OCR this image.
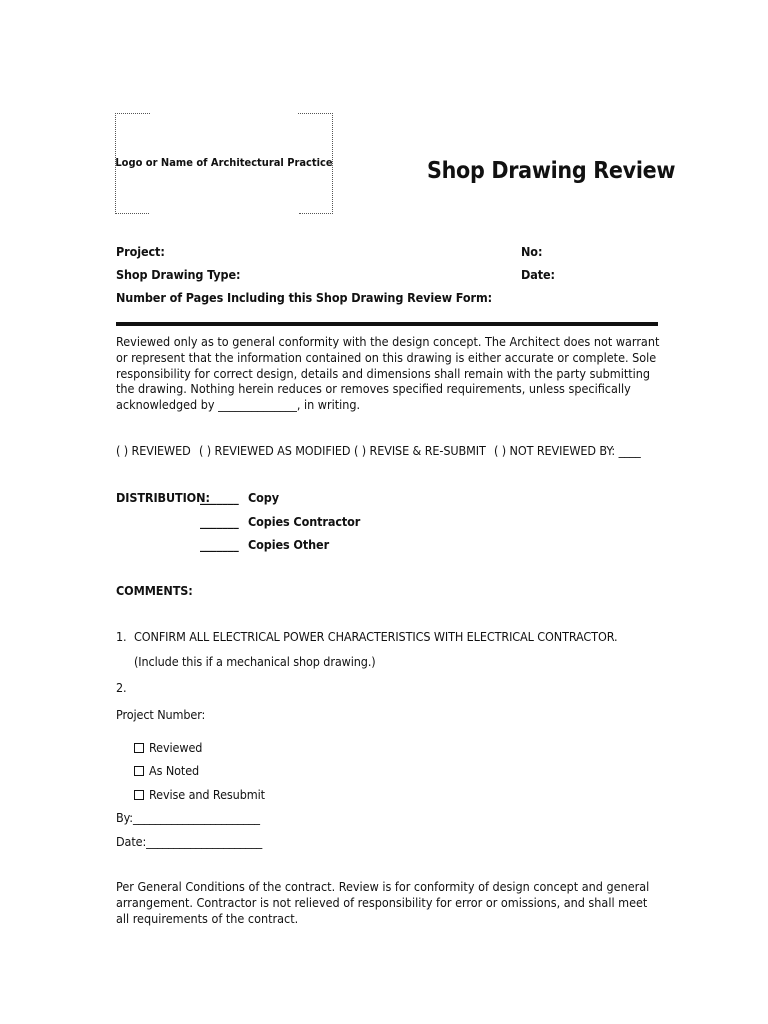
Logo or Name of Architectural Practice	Shop Drawing Review
Project:	No:
Shop Drawing Type:	Date:
Number of Pages Including this Shop Drawing Review Form:
Reviewed only as to general conformity with the design concept. The Architect does not warrant or represent that the information contained on this drawing is either accurate or complete. Sole responsibility for correct design, details and dimensions shall remain with the party submitting the drawing. Nothing herein reduces or removes specified requirements, unless specifically acknowledged by ______________, in writing.
( ) REVIEWED ( ) REVIEWED AS MODIFIED ( ) REVISE & RE-SUBMIT ( ) NOT REVIEWED BY: ____
DISTRIBUTION:
_______ Copy
_______ Copies Contractor
_______ Copies Other
COMMENTS:
1. CONFIRM ALL ELECTRICAL POWER CHARACTERISTICS WITH ELECTRICAL CONTRACTOR.
(Include this if a mechanical shop drawing.)
2.
Project Number:
Reviewed
As Noted
Revise and Resubmit
By:_______________________
Date:_____________________
Per General Conditions of the contract. Review is for conformity of design concept and general arrangement. Contractor is not relieved of responsibility for error or omissions, and shall meet all requirements of the contract.
